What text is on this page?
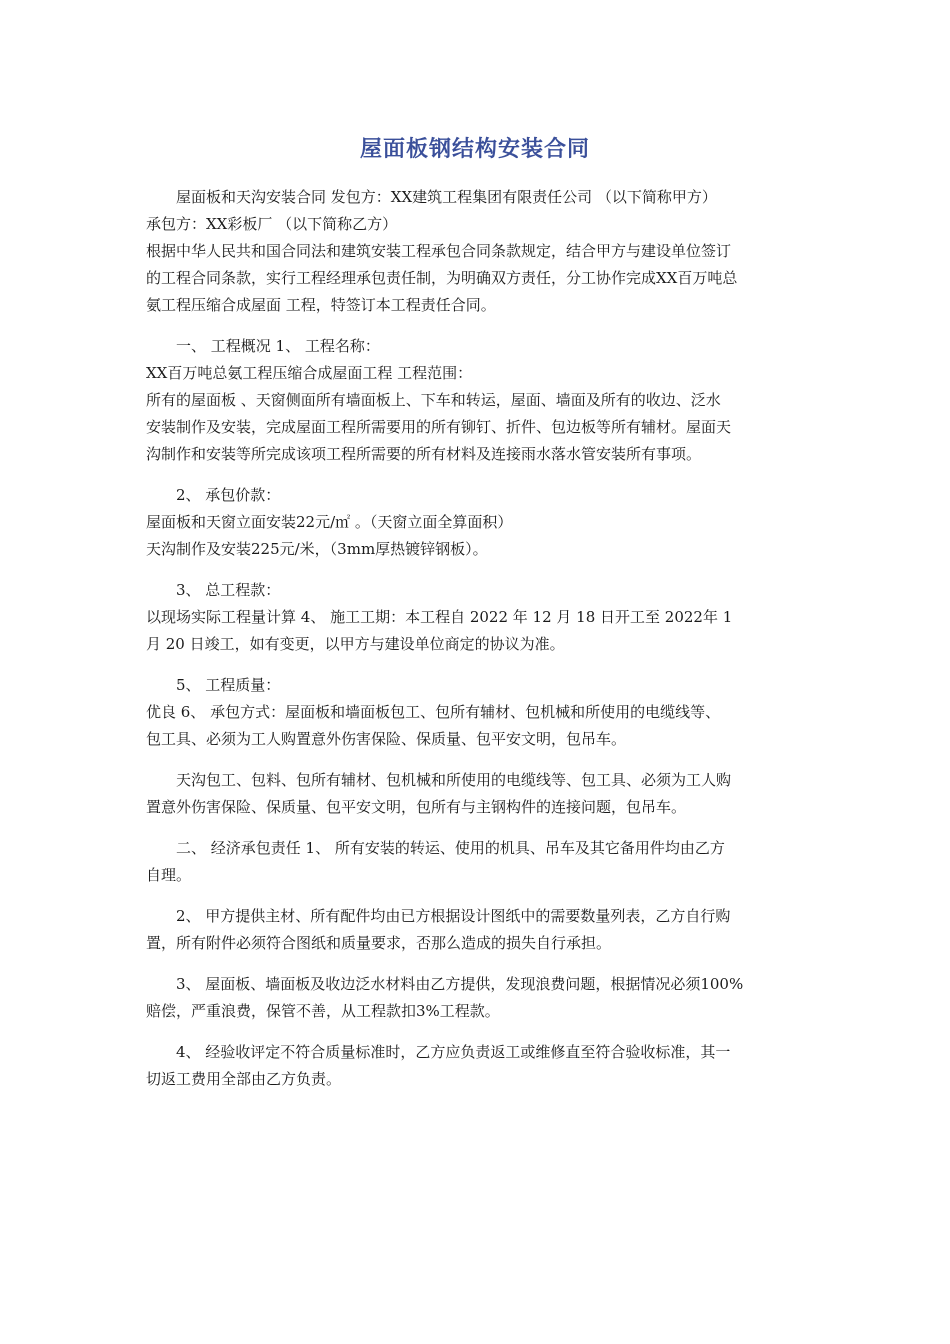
屋面板钢结构安装合同
屋面板和天沟安装合同 发包方：XX建筑工程集团有限责任公司 （以下简称甲方）
承包方：XX彩板厂 （以下简称乙方）
根据中华人民共和国合同法和建筑安装工程承包合同条款规定，结合甲方与建设单位签订
的工程合同条款，实行工程经理承包责任制，为明确双方责任，分工协作完成XX百万吨总
氨工程压缩合成屋面 工程，特签订本工程责任合同。
一、 工程概况 1、 工程名称：
XX百万吨总氨工程压缩合成屋面工程 工程范围：
所有的屋面板 、天窗侧面所有墙面板上、下车和转运，屋面、墙面及所有的收边、泛水
安装制作及安装，完成屋面工程所需要用的所有铆钉、折件、包边板等所有辅材。屋面天
沟制作和安装等所完成该项工程所需要的所有材料及连接雨水落水管安装所有事项。
2、 承包价款：
屋面板和天窗立面安装22元/㎡ 。（天窗立面全算面积）
天沟制作及安装225元/米，（3mm厚热镀锌钢板）。
3、 总工程款：
以现场实际工程量计算 4、 施工工期：本工程自 2022 年 12 月 18 日开工至 2022年 1
月 20 日竣工，如有变更，以甲方与建设单位商定的协议为准。
5、 工程质量：
优良 6、 承包方式：屋面板和墙面板包工、包所有辅材、包机械和所使用的电缆线等、
包工具、必须为工人购置意外伤害保险、保质量、包平安文明，包吊车。
天沟包工、包料、包所有辅材、包机械和所使用的电缆线等、包工具、必须为工人购
置意外伤害保险、保质量、包平安文明，包所有与主钢构件的连接问题，包吊车。
二、 经济承包责任 1、 所有安装的转运、使用的机具、吊车及其它备用件均由乙方
自理。
2、 甲方提供主材、所有配件均由已方根据设计图纸中的需要数量列表，乙方自行购
置，所有附件必须符合图纸和质量要求，否那么造成的损失自行承担。
3、 屋面板、墙面板及收边泛水材料由乙方提供，发现浪费问题，根据情况必须100%
赔偿，严重浪费，保管不善，从工程款扣3%工程款。
4、 经验收评定不符合质量标准时，乙方应负责返工或维修直至符合验收标准，其一
切返工费用全部由乙方负责。
